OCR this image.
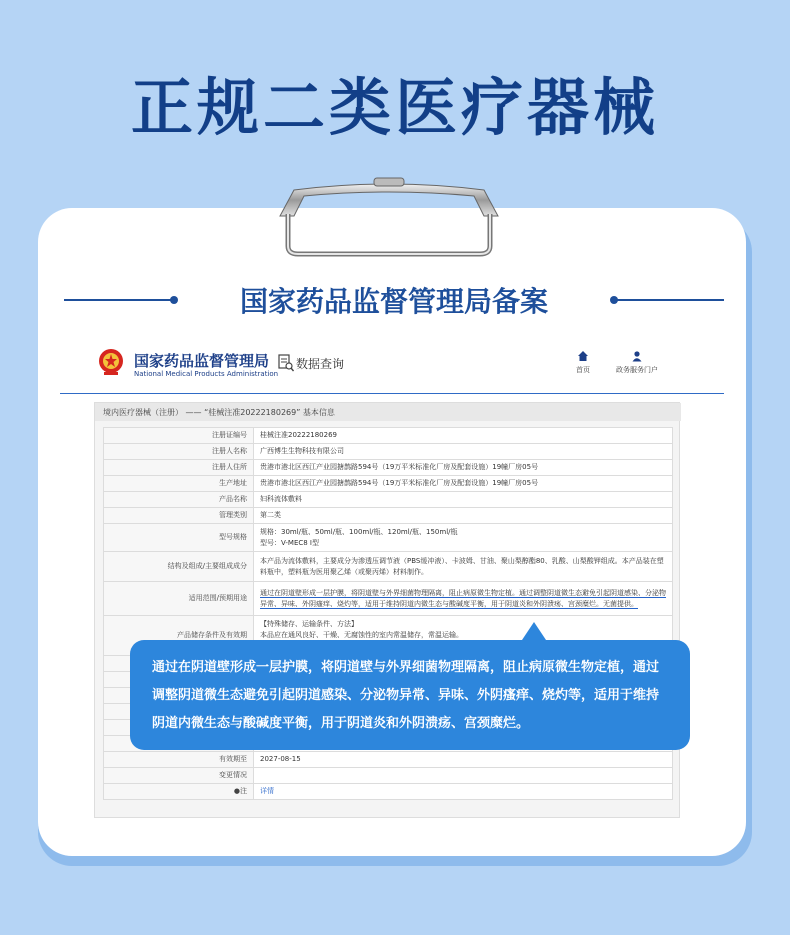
正规二类医疗器械
国家药品监督管理局备案
国家药品监督管理局
National Medical Products Administration
数据查询	首页	政务服务门户
境内医疗器械（注册） —— “桂械注准20222180269” 基本信息
注册证编号	桂械注准20222180269
注册人名称	广西博生生物科技有限公司
注册人住所	贵港市港北区西江产业园搪鹊路594号（19万平米标准化厂房及配套设施）19幢厂房05号
生产地址	贵港市港北区西江产业园搪鹊路594号（19万平米标准化厂房及配套设施）19幢厂房05号
产品名称	妇科流体敷料
管理类别	第二类
型号规格	规格：30ml/瓶、50ml/瓶、100ml/瓶、120ml/瓶、150ml/瓶
型号：V-MEC8 Ⅰ型

结构及组成/主要组成成分	本产品为流体敷料，主要成分为渗透压调节液（PBS缓冲液）、卡波姆、甘油、聚山梨醇酯80、乳酸、山梨酸钾组成。本产品装在塑料瓶中，塑料瓶为医用聚乙烯（或聚丙烯）材料制作。
适用范围/预期用途	通过在阴道壁形成一层护膜，将阴道壁与外界细菌物理隔离，阻止病原微生物定植。通过调整阴道微生态避免引起阴道感染、分泌物异常、异味、外阴瘙痒、烧灼等，适用于维持阴道内微生态与酸碱度平衡，用于阴道炎和外阴溃疡、宫颈糜烂。无菌提供。
产品储存条件及有效期	【特殊储存、运输条件、方法】
本品应在通风良好、干燥、无腐蚀性的室内常温储存，常温运输。

有效期至	2027-08-15
变更情况	
●注	详情
通过在阴道壁形成一层护膜，将阴道壁与外界细菌物理隔离，阻止病原微生物定植，通过调整阴道微生态避免引起阴道感染、分泌物异常、异味、外阴瘙痒、烧灼等，适用于维持阴道内微生态与酸碱度平衡，用于阴道炎和外阴溃疡、宫颈糜烂。
